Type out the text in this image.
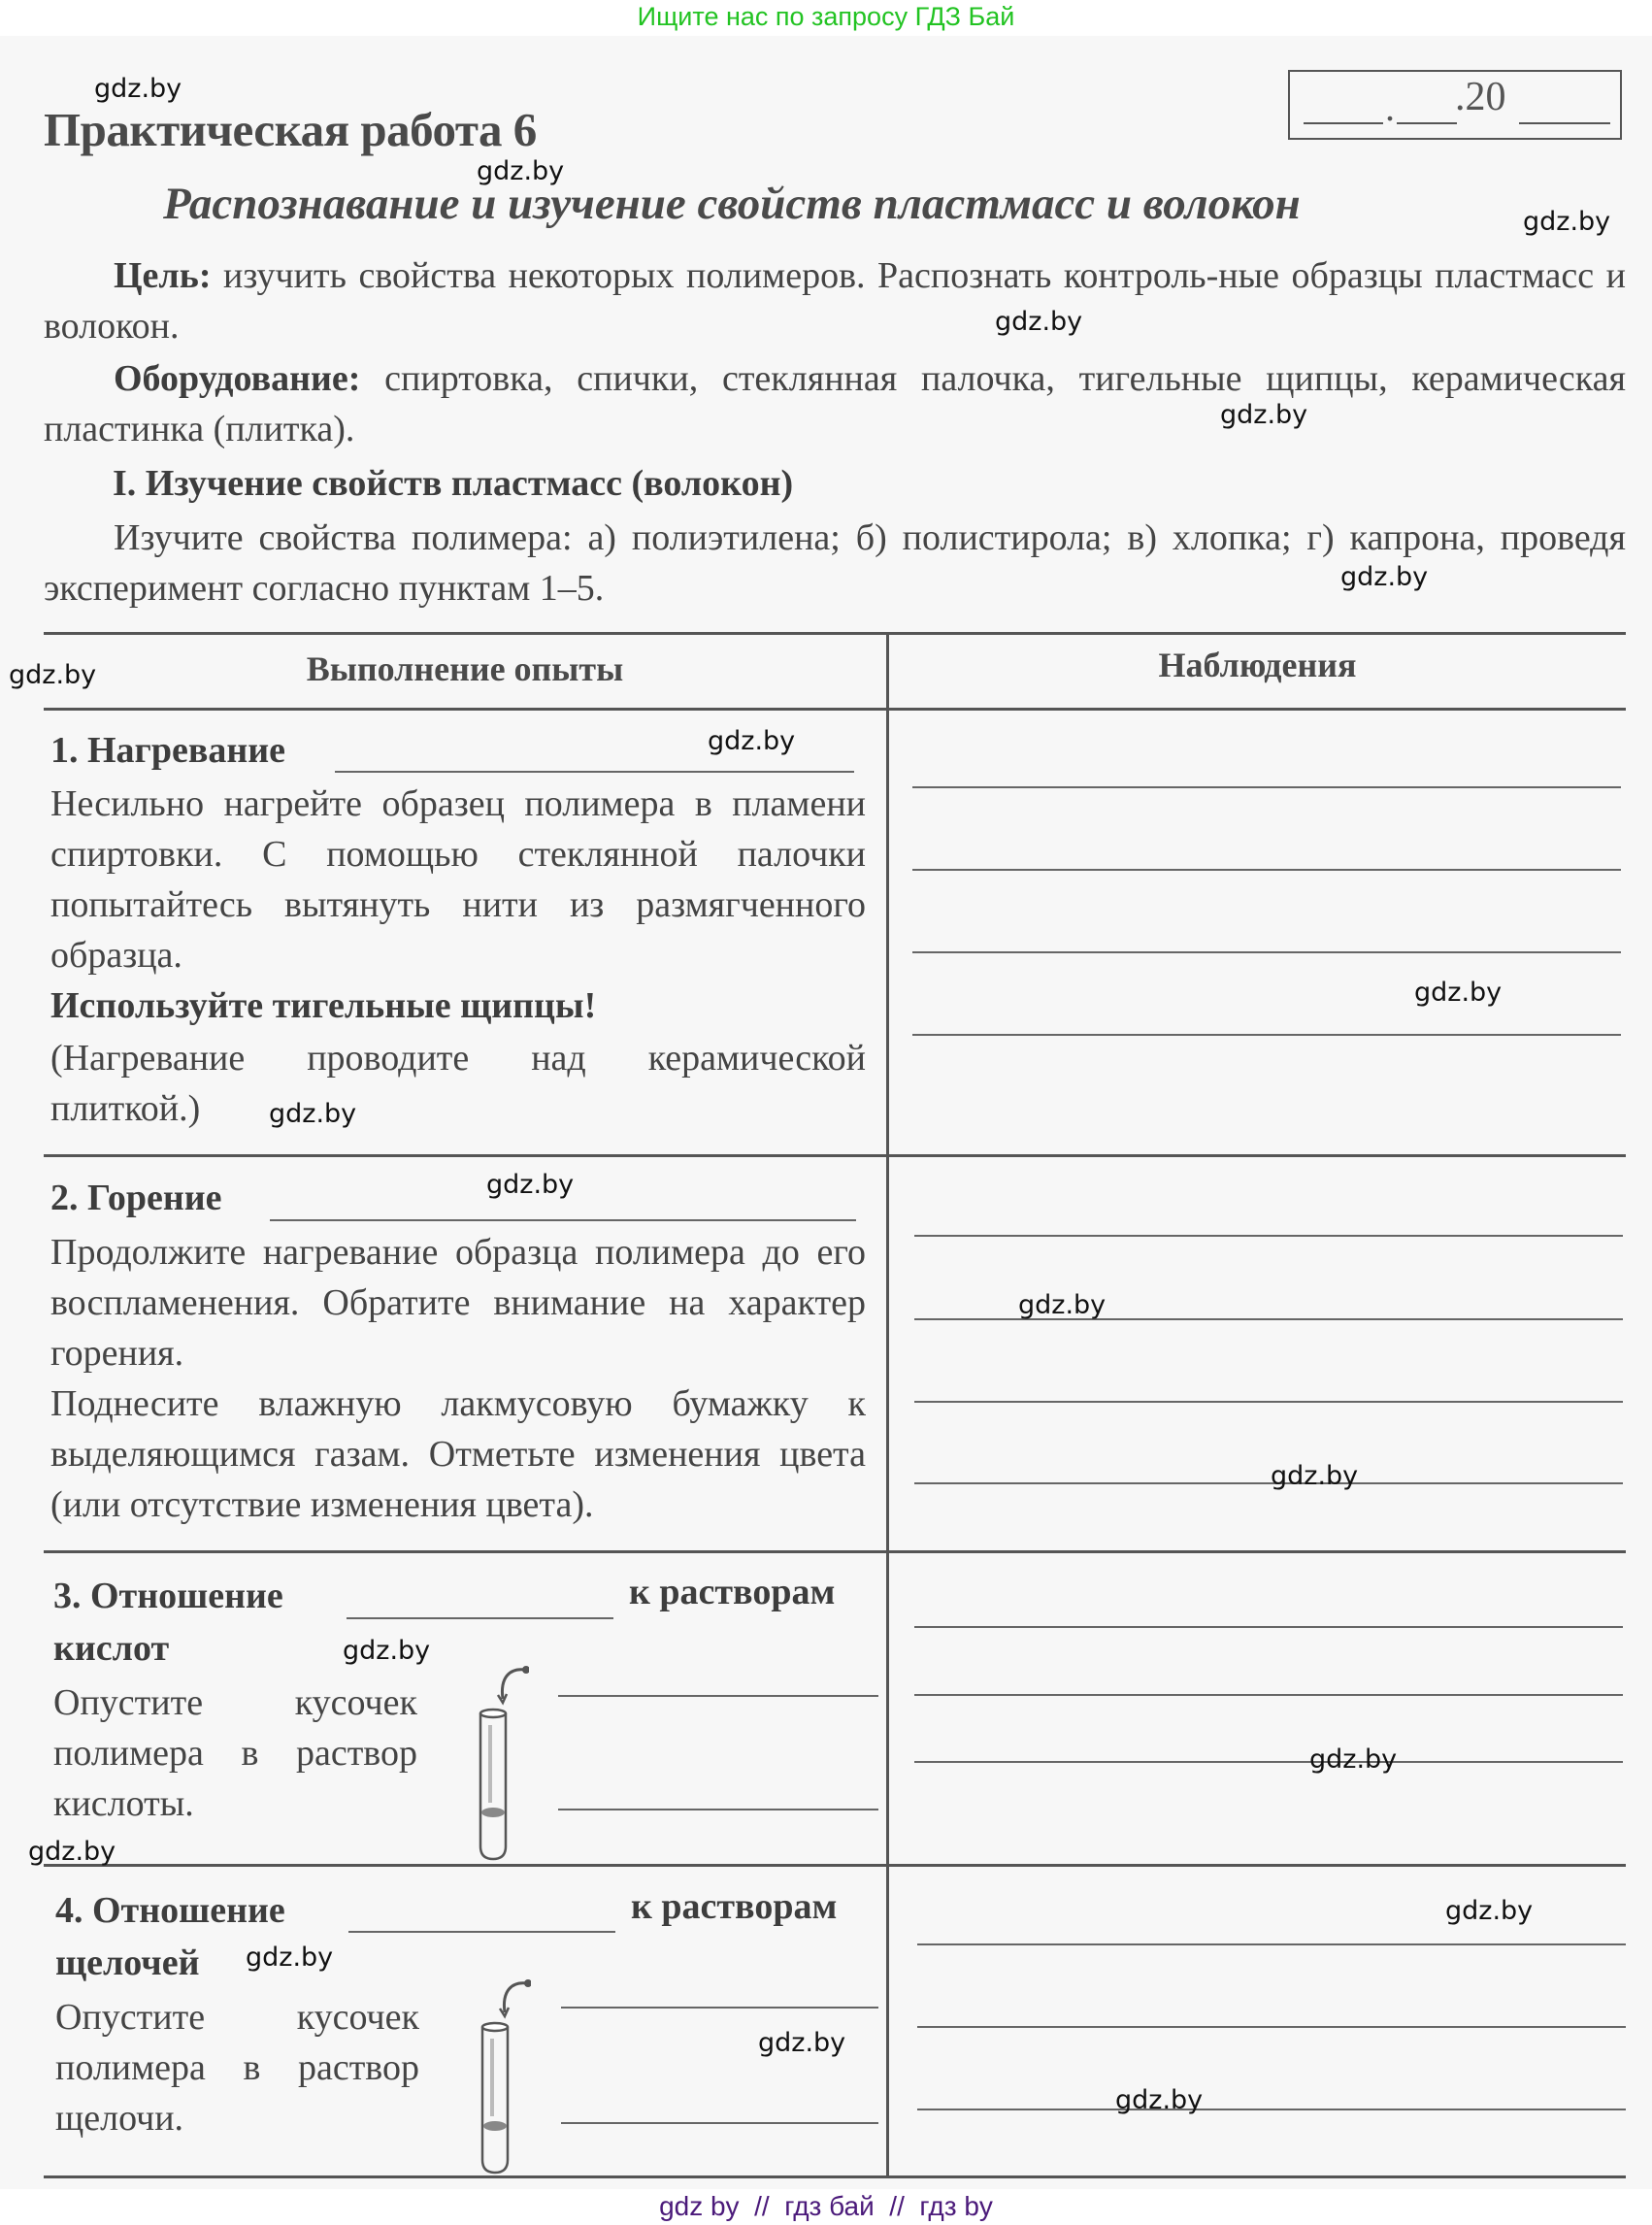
Ищите нас по запросу ГДЗ Бай
Практическая работа 6	. .20
Распознавание и изучение свойств пластмасс и волокон
Цель: изучить свойства некоторых полимеров. Распознать контроль-ные образцы пластмасс и волокон.
Оборудование: спиртовка, спички, стеклянная палочка, тигельные щипцы, керамическая пластинка (плитка).
I. Изучение свойств пластмасс (волокон)
Изучите свойства полимера: а) полиэтилена; б) полистирола; в) хлопка; г) капрона, проведя эксперимент согласно пунктам 1–5.
Выполнение опыты	Наблюдения
1. Нагревание
Несильно нагрейте образец полимера в пламени спиртовки. С помощью стеклянной палочки попытайтесь вытянуть нити из размягченного образца.
Используйте тигельные щипцы!
(Нагревание проводите над керамической плиткой.)
2. Горение
Продолжите нагревание образца полимера до его воспламенения. Обратите внимание на характер горения.
Поднесите влажную лакмусовую бумажку к выделяющимся газам. Отметьте изменения цвета (или отсутствие изменения цвета).
3. Отношение	к растворам
кислот
Опустите кусочек полимера в раствор кислоты.
4. Отношение	к растворам
щелочей
Опустите кусочек полимера в раствор щелочи.
gdz.by
gdz.by
gdz.by
gdz.by
gdz.by
gdz.by
gdz.by
gdz.by
gdz.by
gdz.by
gdz.by
gdz.by
gdz.by
gdz.by
gdz.by
gdz.by
gdz.by
gdz.by
gdz.by
gdz.by
gdz by  //  гдз бай  //  гдз by
